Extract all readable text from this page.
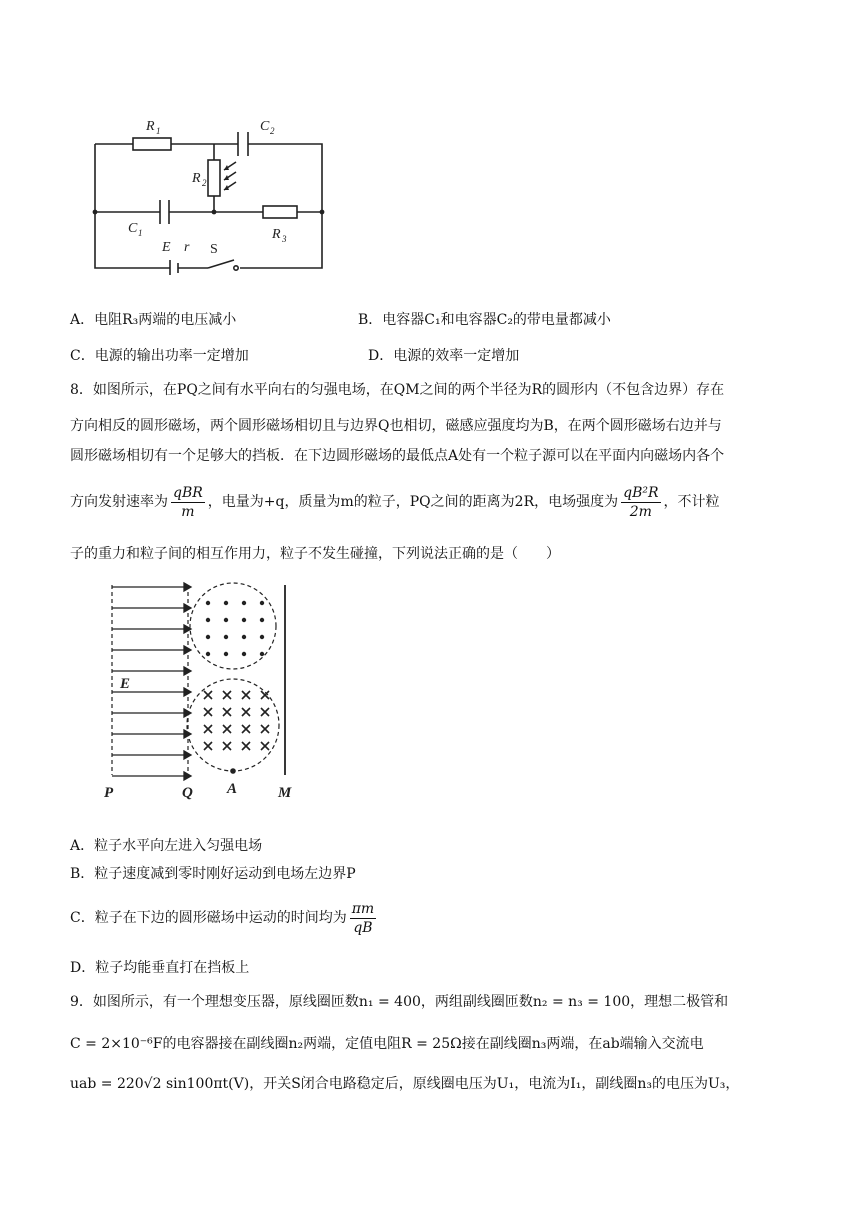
R 1	C 2
R 2
C 1	R 3
E r S
A．电阻R₃两端的电压减小	B．电容器C₁和电容器C₂的带电量都减小
C．电源的输出功率一定增加	D．电源的效率一定增加
8．如图所示，在PQ之间有水平向右的匀强电场，在QM之间的两个半径为R的圆形内（不包含边界）存在
方向相反的圆形磁场，两个圆形磁场相切且与边界Q也相切，磁感应强度均为B，在两个圆形磁场右边并与
圆形磁场相切有一个足够大的挡板．在下边圆形磁场的最低点A处有一个粒子源可以在平面内向磁场内各个
方向发射速率为 $\frac{\text{qBR}}{m}$ ，电量为+q，质量为m的粒子，PQ之间的距离为2R，电场强度为 $\frac{\text{qB²R}}{2m}$ ，不计粒
子的重力和粒子间的相互作用力，粒子不发生碰撞，下列说法正确的是（　　）
E
P	Q A	M
A．粒子水平向左进入匀强电场
B．粒子速度减到零时刚好运动到电场左边界P
C．粒子在下边的圆形磁场中运动的时间均为 $\frac{\pi m}{qB}$
D．粒子均能垂直打在挡板上
9．如图所示，有一个理想变压器，原线圈匝数n₁ = 400，两组副线圈匝数n₂ = n₃ = 100，理想二极管和
C = 2×10⁻⁶F的电容器接在副线圈n₂两端，定值电阻R = 25Ω接在副线圈n₃两端，在ab端输入交流电
uab = 220√2 sin100πt(V)，开关S闭合电路稳定后，原线圈电压为U₁，电流为I₁，副线圈n₃的电压为U₃，
